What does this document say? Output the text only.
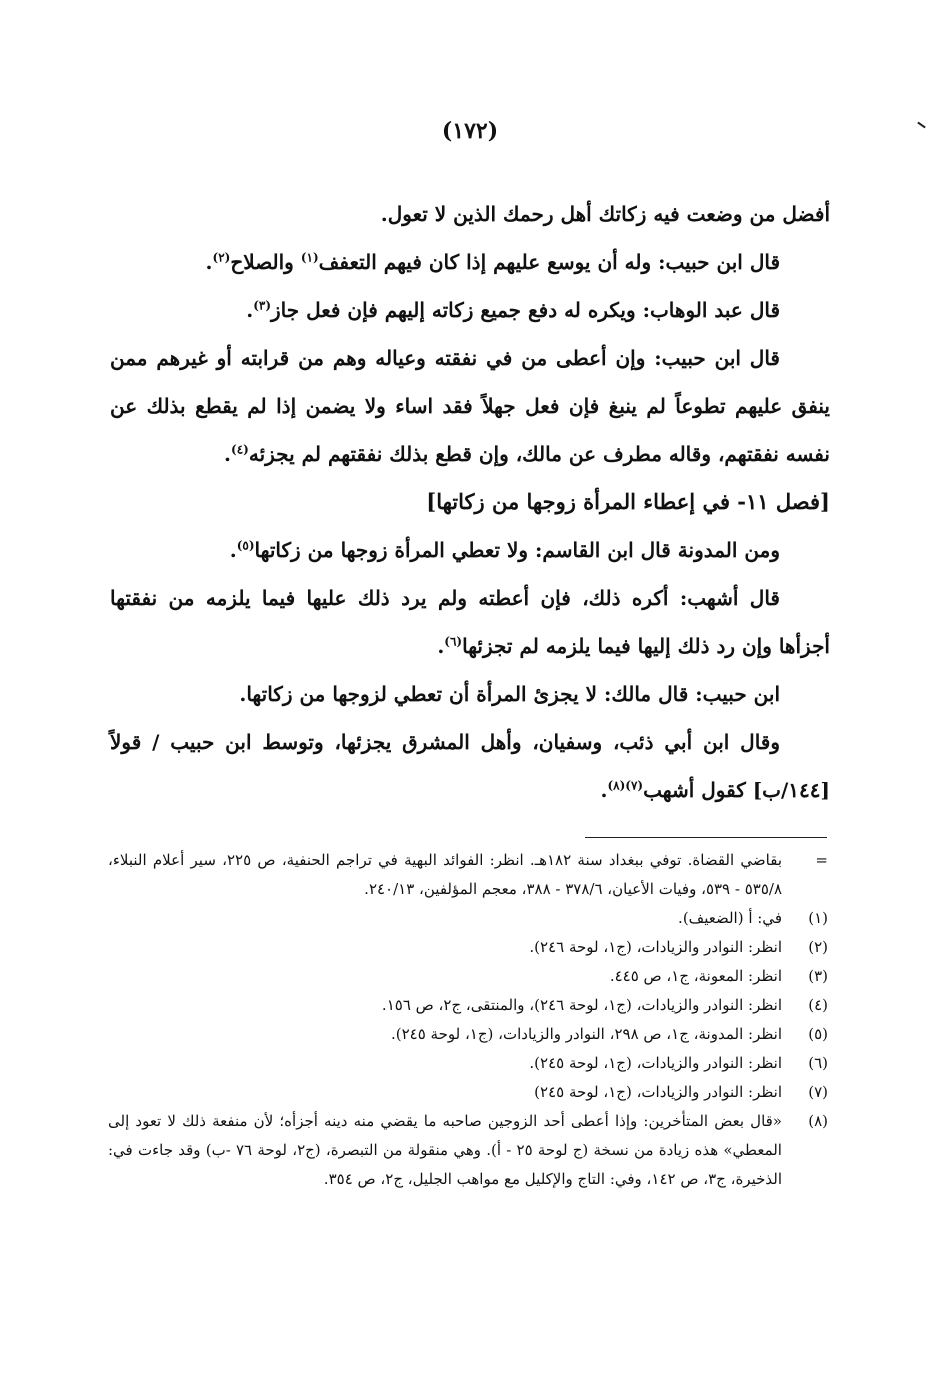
(١٧٢)

أفضل من وضعت فيه زكاتك أهل رحمك الذين لا تعول.

قال ابن حبيب: وله أن يوسع عليهم إذا كان فيهم التعفف$^{(١)}$ والصلاح$^{(٢)}$.

قال عبد الوهاب: ويكره له دفع جميع زكاته إليهم فإن فعل جاز$^{(٣)}$.

قال ابن حبيب: وإن أعطى من في نفقته وعياله وهم من قرابته أو غيرهم ممن ينفق عليهم تطوعاً لم ينبغ فإن فعل جهلاً فقد اساء ولا يضمن إذا لم يقطع بذلك عن نفسه نفقتهم، وقاله مطرف عن مالك، وإن قطع بذلك نفقتهم لم يجزئه$^{(٤)}$.

[فصل ١١- في إعطاء المرأة زوجها من زكاتها]

ومن المدونة قال ابن القاسم: ولا تعطي المرأة زوجها من زكاتها$^{(٥)}$.

قال أشهب: أكره ذلك، فإن أعطته ولم يرد ذلك عليها فيما يلزمه من نفقتها أجزأها وإن رد ذلك إليها فيما يلزمه لم تجزئها$^{(٦)}$.

ابن حبيب: قال مالك: لا يجزئ المرأة أن تعطي لزوجها من زكاتها.

وقال ابن أبي ذئب، وسفيان، وأهل المشرق يجزئها، وتوسط ابن حبيب / قولاً [١٤٤/ب] كقول أشهب$^{(٧)(٨)}$.

=
بقاضي القضاة. توفي ببغداد سنة ١٨٢هـ. انظر: الفوائد البهية في تراجم الحنفية، ص ٢٢٥، سير أعلام النبلاء، ٥٣٥/٨ - ٥٣٩، وفيات الأعيان، ٣٧٨/٦ - ٣٨٨، معجم المؤلفين، ٢٤٠/١٣.
(١)
في: أ (الضعيف).
(٢)
انظر: النوادر والزيادات، (ج١، لوحة ٢٤٦).
(٣)
انظر: المعونة، ج١، ص ٤٤٥.
(٤)
انظر: النوادر والزيادات، (ج١، لوحة ٢٤٦)، والمنتقى، ج٢، ص ١٥٦.
(٥)
انظر: المدونة، ج١، ص ٢٩٨، النوادر والزيادات، (ج١، لوحة ٢٤٥).
(٦)
انظر: النوادر والزيادات، (ج١، لوحة ٢٤٥).
(٧)
انظر: النوادر والزيادات، (ج١، لوحة ٢٤٥)
(٨)
«قال بعض المتأخرين: وإذا أعطى أحد الزوجين صاحبه ما يقضي منه دينه أجزأه؛ لأن منفعة ذلك لا تعود إلى المعطي» هذه زيادة من نسخة (ج لوحة ٢٥ - أ). وهي منقولة من التبصرة، (ج٢، لوحة ٧٦ -ب) وقد جاءت في: الذخيرة، ج٣، ص ١٤٢، وفي: التاج والإكليل مع مواهب الجليل، ج٢، ص ٣٥٤.
